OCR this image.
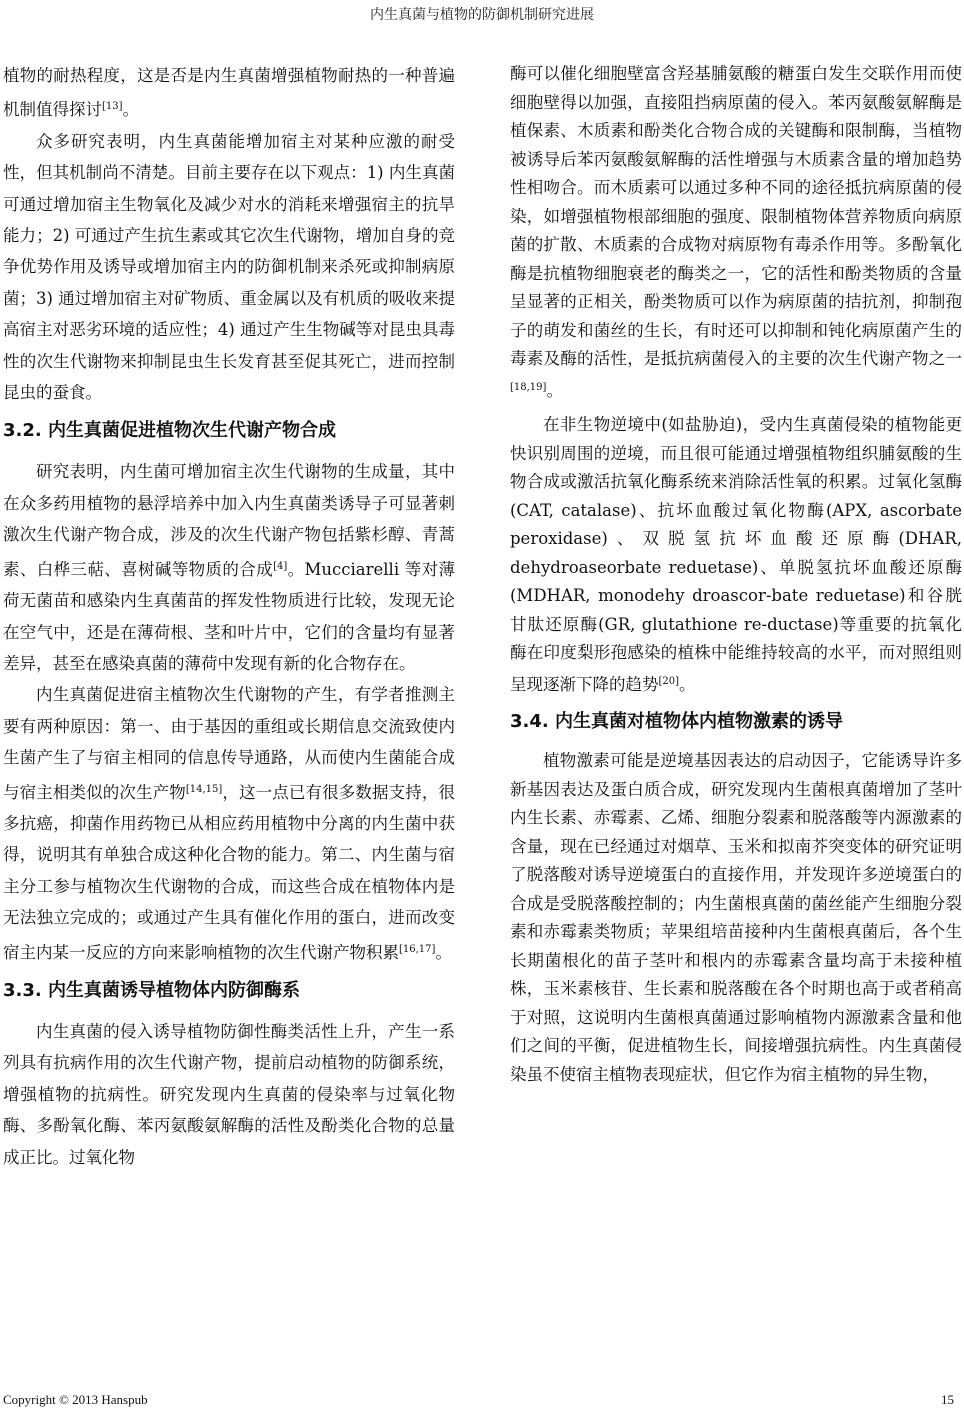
内生真菌与植物的防御机制研究进展

植物的耐热程度，这是否是内生真菌增强植物耐热的一种普遍机制值得探讨[13]。

众多研究表明，内生真菌能增加宿主对某种应激的耐受性，但其机制尚不清楚。目前主要存在以下观点：1) 内生真菌可通过增加宿主生物氧化及减少对水的消耗来增强宿主的抗旱能力；2) 可通过产生抗生素或其它次生代谢物，增加自身的竞争优势作用及诱导或增加宿主内的防御机制来杀死或抑制病原菌；3) 通过增加宿主对矿物质、重金属以及有机质的吸收来提高宿主对恶劣环境的适应性；4) 通过产生生物碱等对昆虫具毒性的次生代谢物来抑制昆虫生长发育甚至促其死亡，进而控制昆虫的蚕食。

3.2. 内生真菌促进植物次生代谢产物合成

研究表明，内生菌可增加宿主次生代谢物的生成量，其中在众多药用植物的悬浮培养中加入内生真菌类诱导子可显著刺激次生代谢产物合成，涉及的次生代谢产物包括紫杉醇、青蒿素、白桦三萜、喜树碱等物质的合成[4]。Mucciarelli 等对薄荷无菌苗和感染内生真菌苗的挥发性物质进行比较，发现无论在空气中，还是在薄荷根、茎和叶片中，它们的含量均有显著差异，甚至在感染真菌的薄荷中发现有新的化合物存在。

内生真菌促进宿主植物次生代谢物的产生，有学者推测主要有两种原因：第一、由于基因的重组或长期信息交流致使内生菌产生了与宿主相同的信息传导通路，从而使内生菌能合成与宿主相类似的次生产物[14,15]，这一点已有很多数据支持，很多抗癌，抑菌作用药物已从相应药用植物中分离的内生菌中获得，说明其有单独合成这种化合物的能力。第二、内生菌与宿主分工参与植物次生代谢物的合成，而这些合成在植物体内是无法独立完成的；或通过产生具有催化作用的蛋白，进而改变宿主内某一反应的方向来影响植物的次生代谢产物积累[16,17]。

3.3. 内生真菌诱导植物体内防御酶系

内生真菌的侵入诱导植物防御性酶类活性上升，产生一系列具有抗病作用的次生代谢产物，提前启动植物的防御系统，增强植物的抗病性。研究发现内生真菌的侵染率与过氧化物酶、多酚氧化酶、苯丙氨酸氨解酶的活性及酚类化合物的总量成正比。过氧化物

酶可以催化细胞壁富含羟基脯氨酸的糖蛋白发生交联作用而使细胞壁得以加强，直接阻挡病原菌的侵入。苯丙氨酸氨解酶是植保素、木质素和酚类化合物合成的关键酶和限制酶，当植物被诱导后苯丙氨酸氨解酶的活性增强与木质素含量的增加趋势性相吻合。而木质素可以通过多种不同的途径抵抗病原菌的侵染，如增强植物根部细胞的强度、限制植物体营养物质向病原菌的扩散、木质素的合成物对病原物有毒杀作用等。多酚氧化酶是抗植物细胞衰老的酶类之一，它的活性和酚类物质的含量呈显著的正相关，酚类物质可以作为病原菌的拮抗剂，抑制孢子的萌发和菌丝的生长，有时还可以抑制和钝化病原菌产生的毒素及酶的活性，是抵抗病菌侵入的主要的次生代谢产物之一[18,19]。

在非生物逆境中(如盐胁迫)，受内生真菌侵染的植物能更快识别周围的逆境，而且很可能通过增强植物组织脯氨酸的生物合成或激活抗氧化酶系统来消除活性氧的积累。过氧化氢酶(CAT, catalase)、抗坏血酸过氧化物酶(APX, ascorbate peroxidase)、双脱氢抗坏血酸还原酶(DHAR, dehydroaseorbate reduetase)、单脱氢抗坏血酸还原酶(MDHAR, monodehy droascor-bate reduetase)和谷胱甘肽还原酶(GR, glutathione re-ductase)等重要的抗氧化酶在印度梨形孢感染的植株中能维持较高的水平，而对照组则呈现逐渐下降的趋势[20]。

3.4. 内生真菌对植物体内植物激素的诱导

植物激素可能是逆境基因表达的启动因子，它能诱导许多新基因表达及蛋白质合成，研究发现内生菌根真菌增加了茎叶内生长素、赤霉素、乙烯、细胞分裂素和脱落酸等内源激素的含量，现在已经通过对烟草、玉米和拟南芥突变体的研究证明了脱落酸对诱导逆境蛋白的直接作用，并发现许多逆境蛋白的合成是受脱落酸控制的；内生菌根真菌的菌丝能产生细胞分裂素和赤霉素类物质；苹果组培苗接种内生菌根真菌后，各个生长期菌根化的苗子茎叶和根内的赤霉素含量均高于未接种植株，玉米素核苷、生长素和脱落酸在各个时期也高于或者稍高于对照，这说明内生菌根真菌通过影响植物内源激素含量和他们之间的平衡，促进植物生长，间接增强抗病性。内生真菌侵染虽不使宿主植物表现症状，但它作为宿主植物的异生物，

Copyright © 2013 Hanspub	15
